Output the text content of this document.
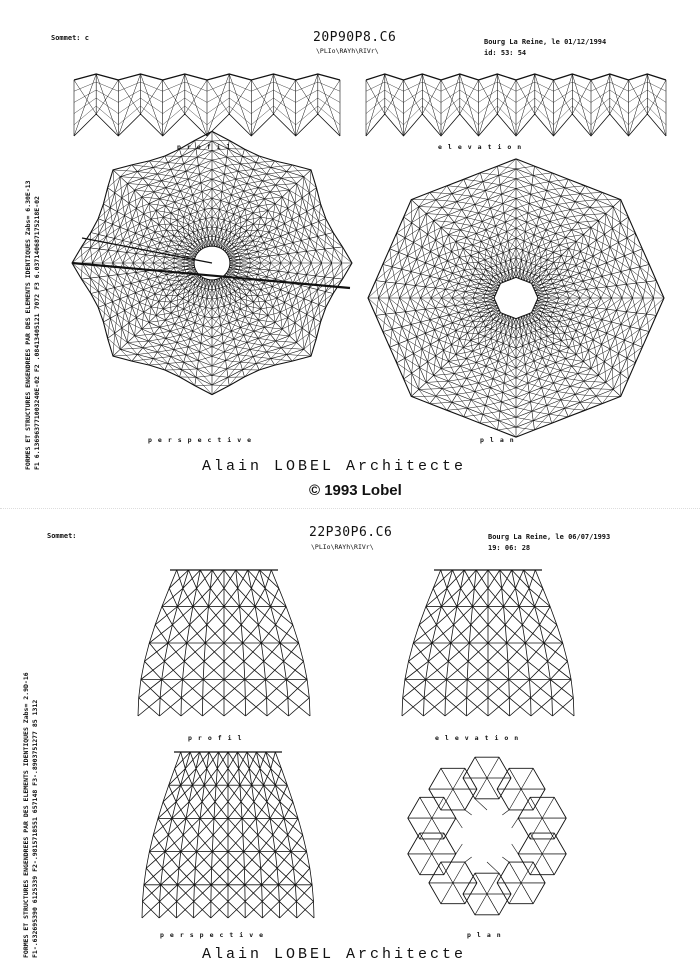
Sommet: c	20P90P8.C6
\PLIo\RAYh\RIVr\
Bourg La Reine, le 01/12/1994
id: 53: 54
FORMES ET STRUCTURES ENGENDREES PAR DES ELEMENTS IDENTIQUES Zabs= 6.30E-13 F1 6.136963771003240E-02 F2 .08413405121 7072 F3 6.037140687175218E-02
profil	elevation
perspective	plan
Alain LOBEL Architecte
© 1993 Lobel
Sommet:	22P30P6.C6
\PLIo\RAYh\RIVr\
Bourg La Reine, le 06/07/1993
19: 06: 28
FORMES ET STRUCTURES ENGENDREES PAR DES ELEMENTS IDENTIQUES Zabs= 2.9D-16 F1-.632695390 6125339 F2-.9815718551 657148 F3-.8903751277 85 1312	profil	elevation
perspective	plan
Alain LOBEL Architecte
